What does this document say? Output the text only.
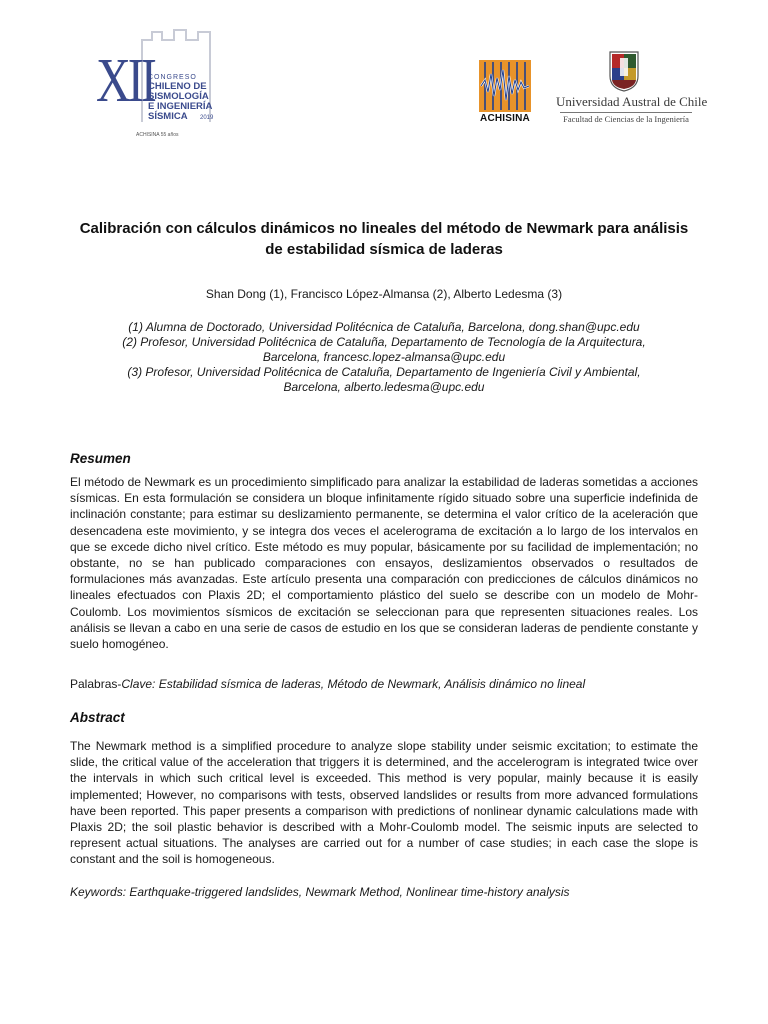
XII
CONGRESO
CHILENO DE
SISMOLOGÍA
E INGENIERÍA
SÍSMICA 2019
ACHISINA 55 años
ACHISINA
Universidad Austral de Chile
Facultad de Ciencias de la Ingeniería
Calibración con cálculos dinámicos no lineales del método de Newmark para análisis
de estabilidad sísmica de laderas
Shan Dong (1), Francisco López-Almansa (2), Alberto Ledesma (3)
(1) Alumna de Doctorado, Universidad Politécnica de Cataluña, Barcelona, dong.shan@upc.edu
(2) Profesor, Universidad Politécnica de Cataluña, Departamento de Tecnología de la Arquitectura,
Barcelona, francesc.lopez-almansa@upc.edu
(3) Profesor, Universidad Politécnica de Cataluña, Departamento de Ingeniería Civil y Ambiental,
Barcelona, alberto.ledesma@upc.edu
Resumen
El método de Newmark es un procedimiento simplificado para analizar la estabilidad de laderas sometidas a acciones sísmicas. En esta formulación se considera un bloque infinitamente rígido situado sobre una superficie indefinida de inclinación constante; para estimar su deslizamiento permanente, se determina el valor crítico de la aceleración que desencadena este movimiento, y se integra dos veces el acelerograma de excitación a lo largo de los intervalos en que se excede dicho nivel crítico. Este método es muy popular, básicamente por su facilidad de implementación; no obstante, no se han publicado comparaciones con ensayos, deslizamientos observados o resultados de formulaciones más avanzadas. Este artículo presenta una comparación con predicciones de cálculos dinámicos no lineales efectuados con Plaxis 2D; el comportamiento plástico del suelo se describe con un modelo de Mohr-Coulomb. Los movimientos sísmicos de excitación se seleccionan para que representen situaciones reales. Los análisis se llevan a cabo en una serie de casos de estudio en los que se consideran laderas de pendiente constante y suelo homogéneo.
Palabras-Clave: Estabilidad sísmica de laderas, Método de Newmark, Análisis dinámico no lineal
Abstract
The Newmark method is a simplified procedure to analyze slope stability under seismic excitation; to estimate the slide, the critical value of the acceleration that triggers it is determined, and the accelerogram is integrated twice over the intervals in which such critical level is exceeded. This method is very popular, mainly because it is easily implemented; However, no comparisons with tests, observed landslides or results from more advanced formulations have been reported. This paper presents a comparison with predictions of nonlinear dynamic calculations made with Plaxis 2D; the soil plastic behavior is described with a Mohr-Coulomb model. The seismic inputs are selected to represent actual situations. The analyses are carried out for a number of case studies; in each case the slope is constant and the soil is homogeneous.
Keywords: Earthquake-triggered landslides, Newmark Method, Nonlinear time-history analysis
